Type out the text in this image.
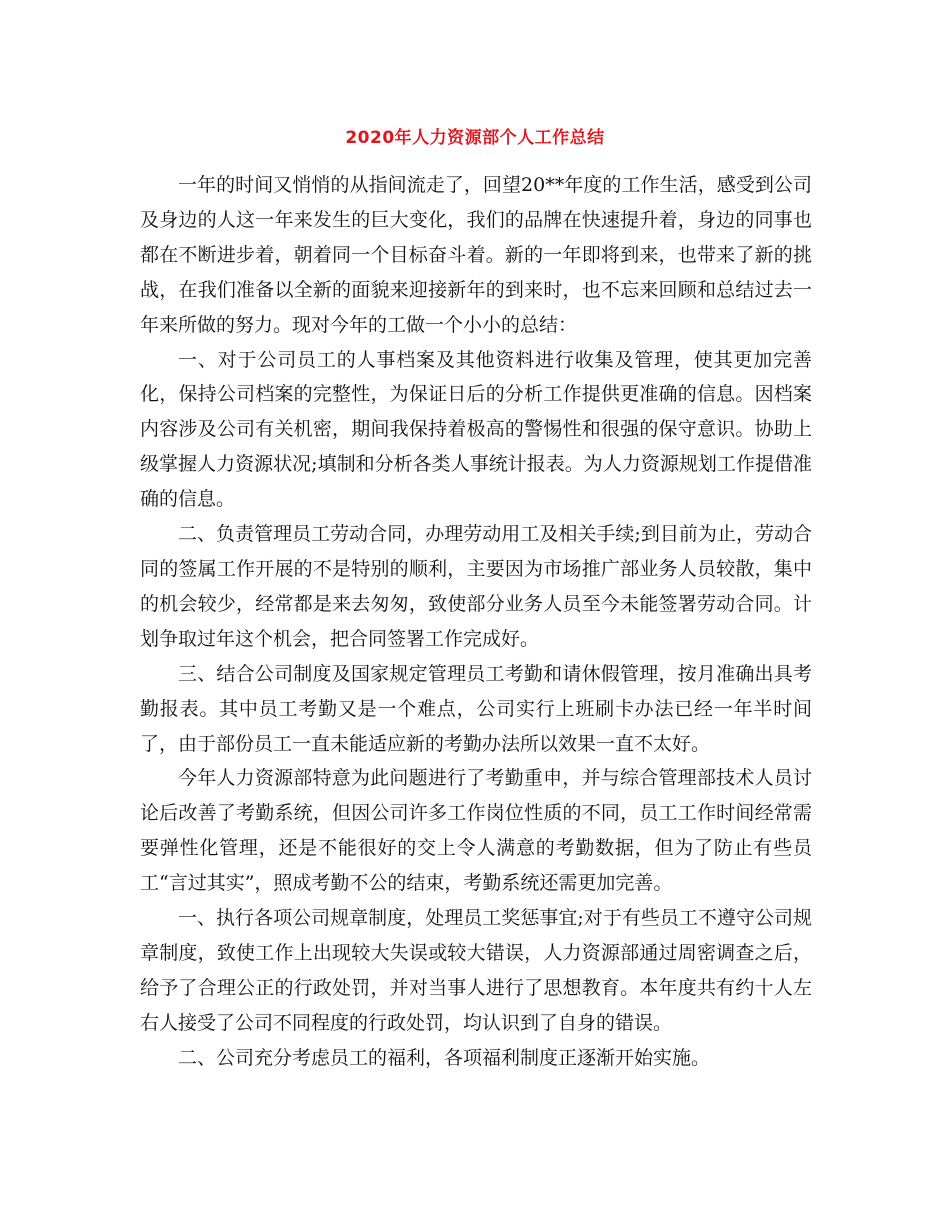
2020年人力资源部个人工作总结

一年的时间又悄悄的从指间流走了，回望20**年度的工作生活，感受到公司及身边的人这一年来发生的巨大变化，我们的品牌在快速提升着，身边的同事也都在不断进步着，朝着同一个目标奋斗着。新的一年即将到来，也带来了新的挑战，在我们准备以全新的面貌来迎接新年的到来时，也不忘来回顾和总结过去一年来所做的努力。现对今年的工做一个小小的总结：

一、对于公司员工的人事档案及其他资料进行收集及管理，使其更加完善化，保持公司档案的完整性，为保证日后的分析工作提供更准确的信息。因档案内容涉及公司有关机密，期间我保持着极高的警惕性和很强的保守意识。协助上级掌握人力资源状况;填制和分析各类人事统计报表。为人力资源规划工作提借准确的信息。

二、负责管理员工劳动合同，办理劳动用工及相关手续;到目前为止，劳动合同的签属工作开展的不是特别的顺利，主要因为市场推广部业务人员较散，集中的机会较少，经常都是来去匆匆，致使部分业务人员至今未能签署劳动合同。计划争取过年这个机会，把合同签署工作完成好。

三、结合公司制度及国家规定管理员工考勤和请休假管理，按月准确出具考勤报表。其中员工考勤又是一个难点，公司实行上班刷卡办法已经一年半时间了，由于部份员工一直未能适应新的考勤办法所以效果一直不太好。

今年人力资源部特意为此问题进行了考勤重申，并与综合管理部技术人员讨论后改善了考勤系统，但因公司许多工作岗位性质的不同，员工工作时间经常需要弹性化管理，还是不能很好的交上令人满意的考勤数据，但为了防止有些员工“言过其实”，照成考勤不公的结束，考勤系统还需更加完善。

一、执行各项公司规章制度，处理员工奖惩事宜;对于有些员工不遵守公司规章制度，致使工作上出现较大失误或较大错误，人力资源部通过周密调查之后，给予了合理公正的行政处罚，并对当事人进行了思想教育。本年度共有约十人左右人接受了公司不同程度的行政处罚，均认识到了自身的错误。

二、公司充分考虑员工的福利，各项福利制度正逐渐开始实施。
